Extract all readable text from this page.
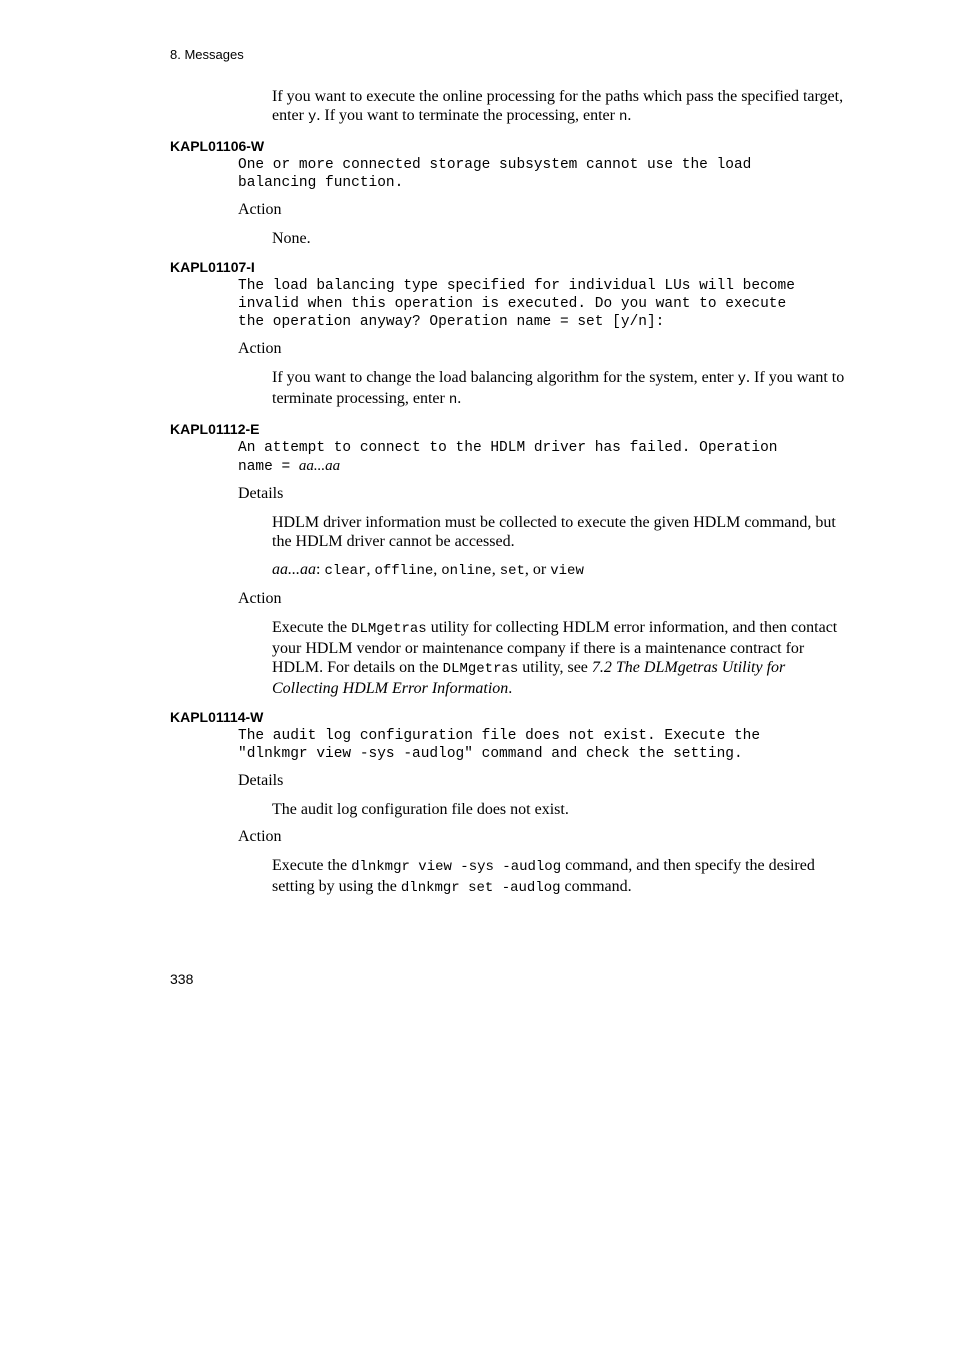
8. Messages

If you want to execute the online processing for the paths which pass the specified target, enter y. If you want to terminate the processing, enter n.

KAPL01106-W
One or more connected storage subsystem cannot use the load
balancing function.
Action
None.
KAPL01107-I
The load balancing type specified for individual LUs will become
invalid when this operation is executed. Do you want to execute
the operation anyway? Operation name = set [y/n]:
Action
If you want to change the load balancing algorithm for the system, enter y. If you want to terminate processing, enter n.
KAPL01112-E
An attempt to connect to the HDLM driver has failed. Operation
name = aa...aa
Details
HDLM driver information must be collected to execute the given HDLM command, but the HDLM driver cannot be accessed.
aa...aa: clear, offline, online, set, or view
Action
Execute the DLMgetras utility for collecting HDLM error information, and then contact your HDLM vendor or maintenance company if there is a maintenance contract for HDLM. For details on the DLMgetras utility, see 7.2 The DLMgetras Utility for Collecting HDLM Error Information.
KAPL01114-W
The audit log configuration file does not exist. Execute the
"dlnkmgr view -sys -audlog" command and check the setting.
Details
The audit log configuration file does not exist.
Action
Execute the dlnkmgr view -sys -audlog command, and then specify the desired setting by using the dlnkmgr set -audlog command.
338
